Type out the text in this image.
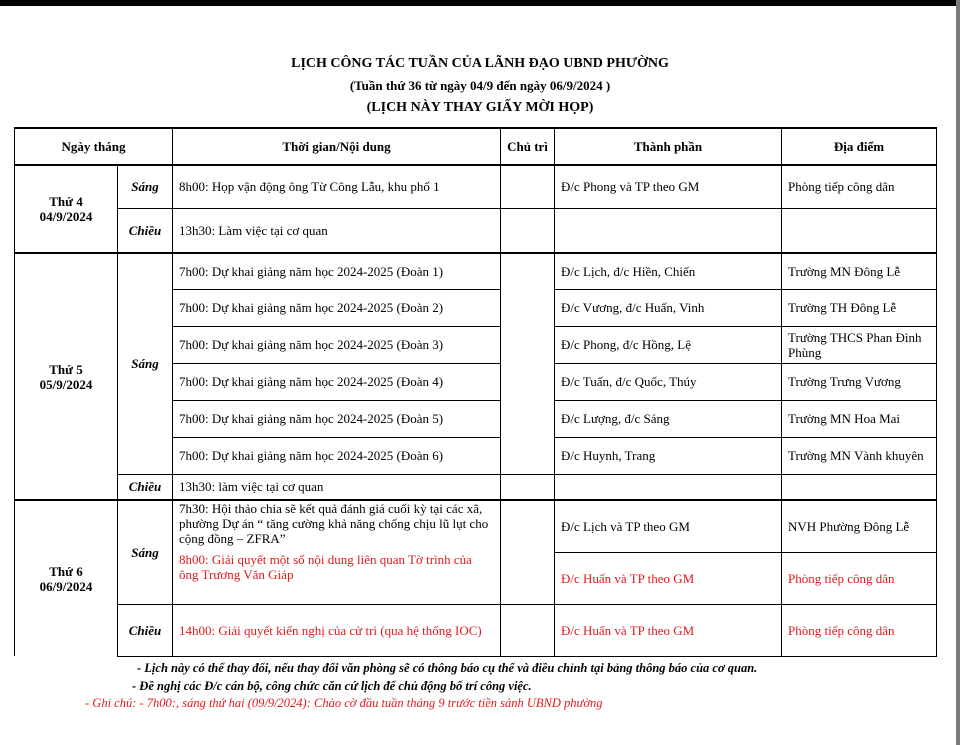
LỊCH CÔNG TÁC TUẦN CỦA LÃNH ĐẠO UBND PHƯỜNG
(Tuần thứ 36 từ ngày 04/9 đến ngày 06/9/2024 )
(LỊCH NÀY THAY GIẤY MỜI HỌP)
Ngày tháng		Thời gian/Nội dung	Chủ trì	Thành phần	Địa điểm

Thứ 4
04/9/2024	Sáng	8h00: Họp vận động ông Từ Công Lẫu, khu phố 1		Đ/c Phong và TP theo GM	Phòng tiếp công dân
	Chiều	13h30: Làm việc tại cơ quan			

Thứ 5
05/9/2024	Sáng	7h00: Dự khai giảng năm học 2024-2025 (Đoàn 1)		Đ/c Lịch, đ/c Hiền, Chiến	Trường MN Đông Lễ
		7h00: Dự khai giảng năm học 2024-2025 (Đoàn 2)		Đ/c Vương, đ/c Huấn, Vinh	Trường TH Đông Lễ
		7h00: Dự khai giảng năm học 2024-2025 (Đoàn 3)		Đ/c Phong, đ/c Hồng, Lệ	Trường THCS Phan Đình Phùng
		7h00: Dự khai giảng năm học 2024-2025 (Đoàn 4)		Đ/c Tuấn, đ/c Quốc, Thúy	Trường Trưng Vương
		7h00: Dự khai giảng năm học 2024-2025 (Đoàn 5)		Đ/c Lượng, đ/c Sáng	Trường MN Hoa Mai
		7h00: Dự khai giảng năm học 2024-2025 (Đoàn 6)		Đ/c Huynh, Trang	Trường MN Vành khuyên
	Chiều	13h30: làm việc tại cơ quan			

Thứ 6
06/9/2024	Sáng	7h30: Hội thảo chia sẽ kết quả đánh giá cuối kỳ tại các xã, phường Dự án “ tăng cường khả năng chống chịu lũ lụt cho cộng đồng – ZFRA”		Đ/c Lịch và TP theo GM	NVH Phường Đông Lễ
		8h00: Giải quyết một số nội dung liên quan Tờ trình của ông Trương Văn Giáp		Đ/c Huấn và TP theo GM	Phòng tiếp công dân
	Chiều	14h00: Giải quyết kiến nghị của cử tri (qua hệ thống IOC)		Đ/c Huấn và TP theo GM	Phòng tiếp công dân
- Lịch này có thể thay đổi, nếu thay đổi văn phòng sẽ có thông báo cụ thể và điều chỉnh tại bảng thông báo của cơ quan.
- Đề nghị các Đ/c cán bộ, công chức căn cứ lịch để chủ động bố trí công việc.
- Ghi chú: - 7h00:, sáng thứ hai (09/9/2024): Chào cờ đầu tuần tháng 9 trước tiền sảnh UBND phường
